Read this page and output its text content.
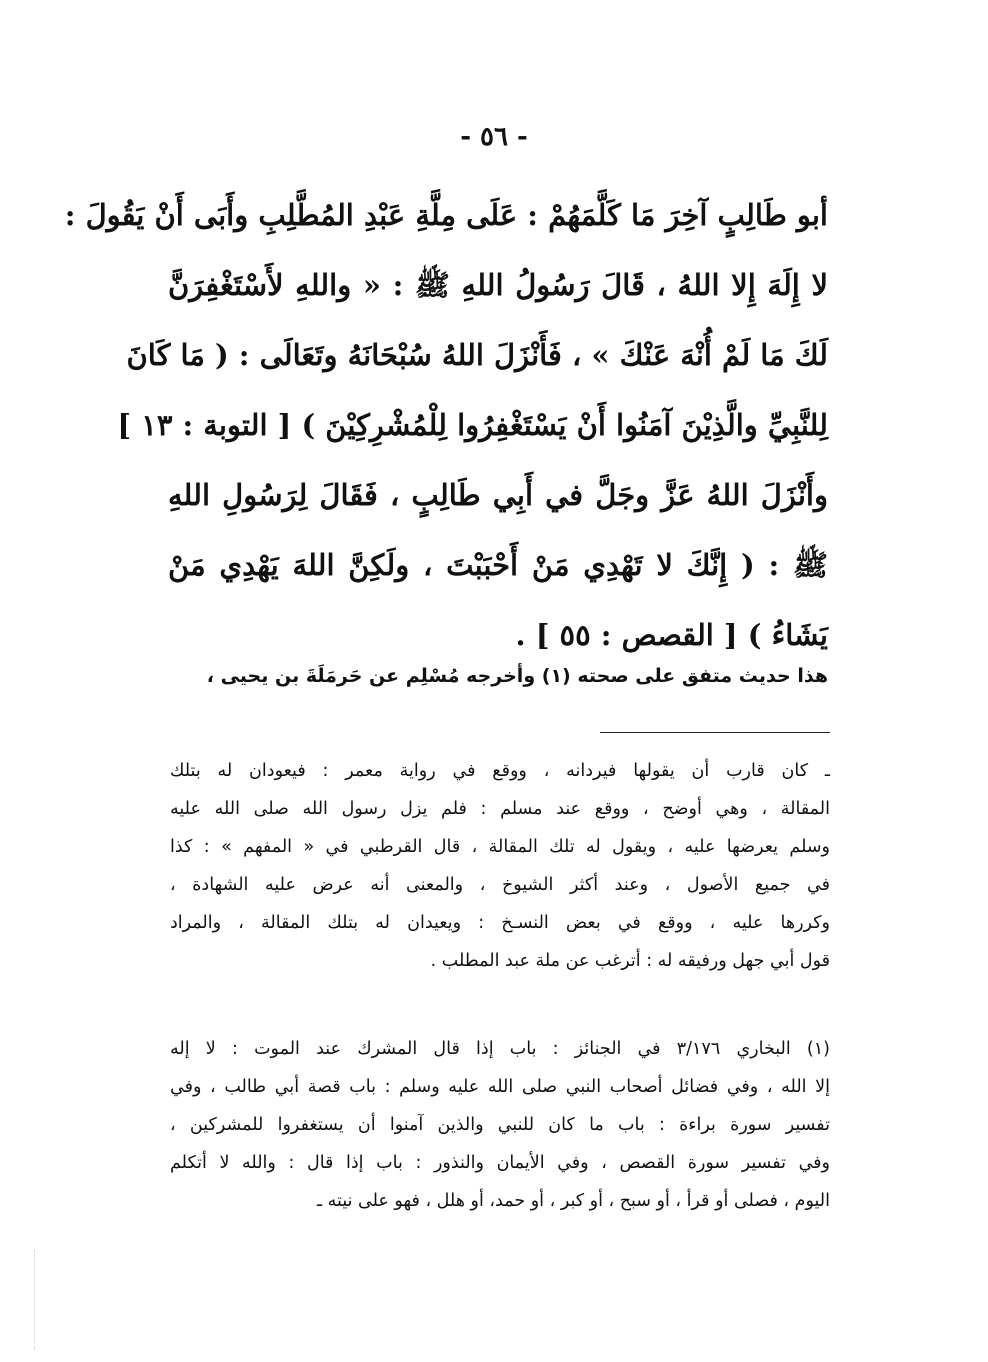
- ٥٦ -
أبو طَالِبٍ آخِرَ مَا كَلَّمَهُمْ : عَلَى مِلَّةِ عَبْدِ المُطَّلِبِ وأَبَى أَنْ يَقُولَ :
لا إِلَهَ إِلا اللهُ ، قَالَ رَسُولُ اللهِ ﷺ : « واللهِ لأَسْتَغْفِرَنَّ
لَكَ مَا لَمْ أُنْهَ عَنْكَ » ، فَأَنْزَلَ اللهُ سُبْحَانَهُ وتَعَالَى : ( مَا كَانَ
لِلنَّبِيِّ والَّذِيْنَ آمَنُوا أَنْ يَسْتَغْفِرُوا لِلْمُشْرِكِيْنَ ) [ التوبة : ١٣ ]
وأَنْزَلَ اللهُ عَزَّ وجَلَّ في أَبِي طَالِبٍ ، فَقَالَ لِرَسُولِ اللهِ
ﷺ : ( إِنَّكَ لا تَهْدِي مَنْ أَحْبَبْتَ ، ولَكِنَّ اللهَ يَهْدِي مَنْ
يَشَاءُ ) [ القصص : ٥٥ ] .
هذا حديث متفق على صحته (١) وأخرجه مُسْلِم عن حَرمَلَةَ بن يحيى ،
ـ كان قارب أن يقولها فيردانه ، ووقع في رواية معمر : فيعودان له بتلك
المقالة ، وهي أوضح ، ووقع عند مسلم : فلم يزل رسول الله صلى الله عليه
وسلم يعرضها عليه ، ويقول له تلك المقالة ، قال القرطبي في « المفهم » : كذا
في جميع الأصول ، وعند أكثر الشيوخ ، والمعنى أنه عرض عليه الشهادة ،
وكررها عليه ، ووقع في بعض النسـخ : ويعيدان له بتلك المقالة ، والمراد
قول أبي جهل ورفيقه له : أترغب عن ملة عبد المطلب .
(١) البخاري ٣/١٧٦ في الجنائز : باب إذا قال المشرك عند الموت : لا إله
إلا الله ، وفي فضائل أصحاب النبي صلى الله عليه وسلم : باب قصة أبي طالب ، وفي
تفسير سورة براءة : باب ما كان للنبي والذين آمنوا أن يستغفروا للمشركين ،
وفي تفسير سورة القصص ، وفي الأيمان والنذور : باب إذا قال : والله لا أتكلم
اليوم ، فصلى أو قرأ ، أو سبح ، أو كبر ، أو حمد، أو هلل ، فهو على نيته ـ
